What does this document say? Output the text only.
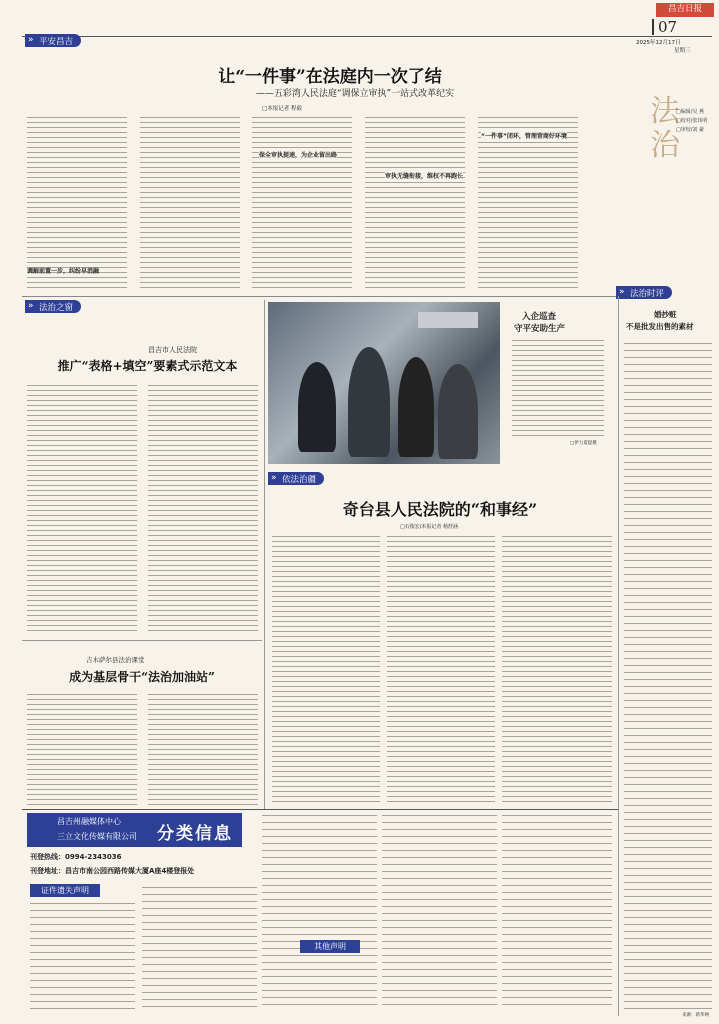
昌吉日报
07
2025年12月17日
星期三
法治
□编辑/吴 燕
□校对/张玮明
□审校/刘 豪
» 平安昌吉
让“一件事”在法庭内一次了结
——五彩湾人民法庭“调保立审执”一站式改革纪实
□本报记者 程毅
调解前置一步，纠纷早消融
保全审执提速，为企业留出路
审执无缝衔接，维权不再跑长
“一件事”闭环，管理营商好环境
» 法治时评
婚抄赃
不是批发出售的素材
来源：新华网
» 法治之窗
昌吉市人民法院
推广“表格+填空”要素式示范文本
入企巡查
守平安助生产
□伊力夏提摄
» 依法治疆
奇台县人民法院的“和事经”
□石俊宏/本报记者 杨舒涵
吉木萨尔县法治课堂
成为基层骨干“法治加油站”
昌吉州融媒体中心
三立文化传媒有限公司 分类信息
刊登热线：0994-2343036
刊登地址：昌吉市南公园西路传媒大厦A座4楼登报处
证件遗失声明
其他声明
